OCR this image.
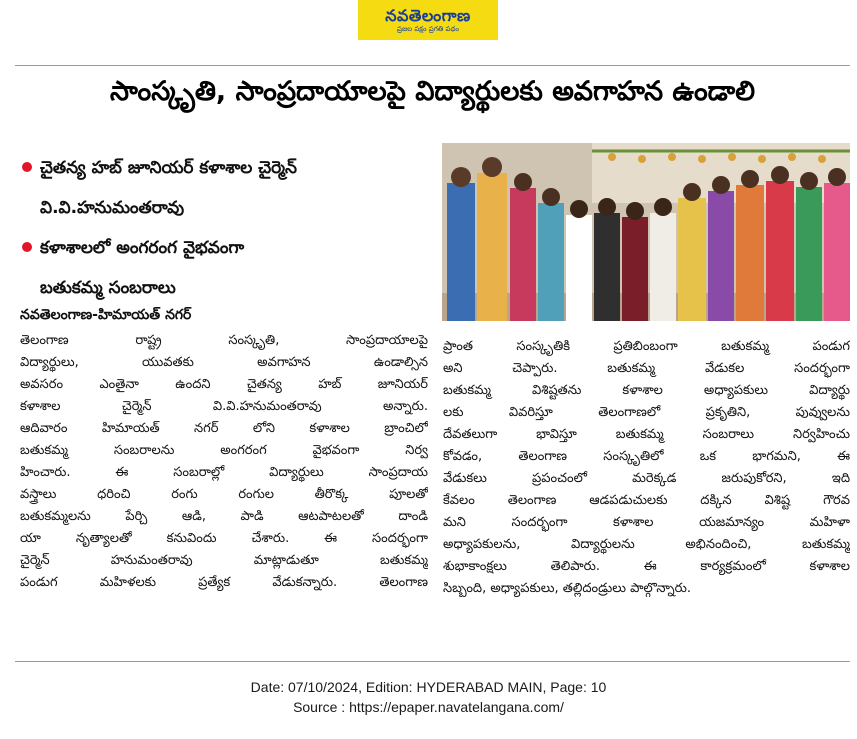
నవతెలంగాణ
ప్రజల పక్షం ప్రగతి పథం
సాంస్కృతి, సాంప్రదాయాలపై విద్యార్థులకు అవగాహన ఉండాలి
చైతన్య హబ్ జూనియర్ కళాశాల చైర్మెన్
వి.వి.హనుమంతరావు
కళాశాలలో అంగరంగ వైభవంగా
బతుకమ్మ సంబరాలు
నవతెలంగాణ-హిమాయత్ నగర్
తెలంగాణ రాష్ట్ర సంస్కృతి, సాంప్రదాయాలపై
విద్యార్థులు, యువతకు అవగాహన ఉండాల్సిన
అవసరం ఎంతైనా ఉందని చైతన్య హబ్ జూనియర్
కళాశాల చైర్మెన్ వి.వి.హనుమంతరావు అన్నారు.
ఆదివారం హిమాయత్ నగర్ లోని కళాశాల బ్రాంచిలో
బతుకమ్మ సంబరాలను అంగరంగ వైభవంగా నిర్వ
హించారు. ఈ సంబరాల్లో విద్యార్థులు సాంప్రదాయ
వస్త్రాలు ధరించి రంగు రంగుల తీరొక్క పూలతో
బతుకమ్మలను పేర్చి ఆడి, పాడి ఆటపాటలతో దాండి
యా నృత్యాలతో కనువిందు చేశారు. ఈ సందర్భంగా
చైర్మెన్ హనుమంతరావు మాట్లాడుతూ బతుకమ్మ
పండుగ మహిళలకు ప్రత్యేక వేడుకన్నారు. తెలంగాణ
ప్రాంత సంస్కృతికి ప్రతిబింబంగా బతుకమ్మ పండుగ
అని చెప్పారు. బతుకమ్మ వేడుకల సందర్భంగా
బతుకమ్మ విశిష్టతను కళాశాల అధ్యాపకులు విద్యార్థు
లకు వివరిస్తూ తెలంగాణలో ప్రకృతిని, పువ్వులను
దేవతలుగా భావిస్తూ బతుకమ్మ సంబరాలు నిర్వహించు
కోవడం, తెలంగాణ సంస్కృతిలో ఒక భాగమని, ఈ
వేడుకలు ప్రపంచంలో మరెక్కడ జరుపుకోరని, ఇది
కేవలం తెలంగాణ ఆడపడుచులకు దక్కిన విశిష్ట గౌరవ
మని సందర్భంగా కళాశాల యజమాన్యం మహిళా
అధ్యాపకులను, విద్యార్థులను అభినందించి, బతుకమ్మ
శుభాకాంక్షలు తెలిపారు. ఈ కార్యక్రమంలో కళాశాల
సిబ్బంది, అధ్యాపకులు, తల్లిదండ్రులు పాల్గొన్నారు.
Date: 07/10/2024, Edition: HYDERABAD MAIN, Page: 10
Source : https://epaper.navatelangana.com/
